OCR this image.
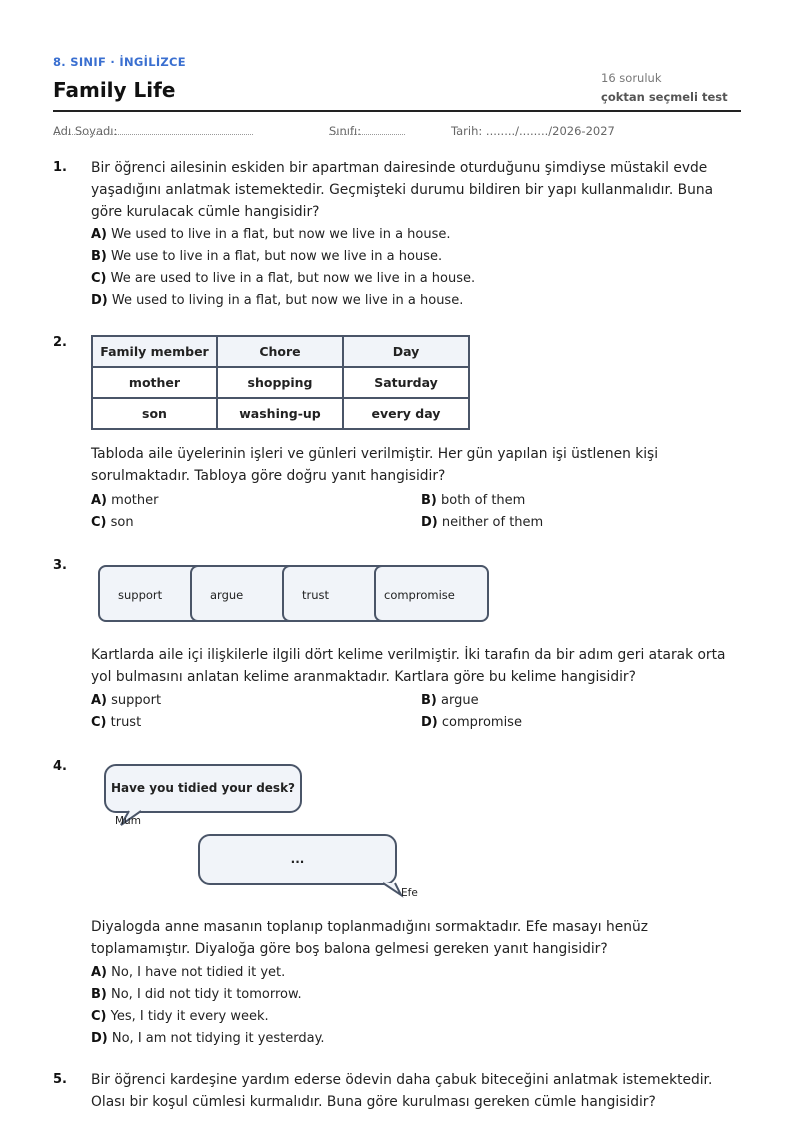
8. SINIF · İNGİLİZCE
Family Life	16 soruluk
çoktan seçmeli test
Adı Soyadı:	Sınıfı:	Tarih: ......../......../2026-2027
1. Bir öğrenci ailesinin eskiden bir apartman dairesinde oturduğunu şimdiyse müstakil evde yaşadığını anlatmak istemektedir. Geçmişteki durumu bildiren bir yapı kullanmalıdır. Buna göre kurulacak cümle hangisidir?
A) We used to live in a flat, but now we live in a house.
B) We use to live in a flat, but now we live in a house.
C) We are used to live in a flat, but now we live in a house.
D) We used to living in a flat, but now we live in a house.
2.
Family member	Chore	Day
mother	shopping	Saturday
son	washing-up	every day
Tabloda aile üyelerinin işleri ve günleri verilmiştir. Her gün yapılan işi üstlenen kişi sorulmaktadır. Tabloya göre doğru yanıt hangisidir?
A) mother	B) both of them
C) son	D) neither of them
3.
support	argue	trust	compromise
Kartlarda aile içi ilişkilerle ilgili dört kelime verilmiştir. İki tarafın da bir adım geri atarak orta yol bulmasını anlatan kelime aranmaktadır. Kartlara göre bu kelime hangisidir?
A) support	B) argue
C) trust	D) compromise
4.
Have you tidied your desk?
Mum
...
Efe
Diyalogda anne masanın toplanıp toplanmadığını sormaktadır. Efe masayı henüz toplamamıştır. Diyaloğa göre boş balona gelmesi gereken yanıt hangisidir?
A) No, I have not tidied it yet.
B) No, I did not tidy it tomorrow.
C) Yes, I tidy it every week.
D) No, I am not tidying it yesterday.
5. Bir öğrenci kardeşine yardım ederse ödevin daha çabuk biteceğini anlatmak istemektedir. Olası bir koşul cümlesi kurmalıdır. Buna göre kurulması gereken cümle hangisidir?
